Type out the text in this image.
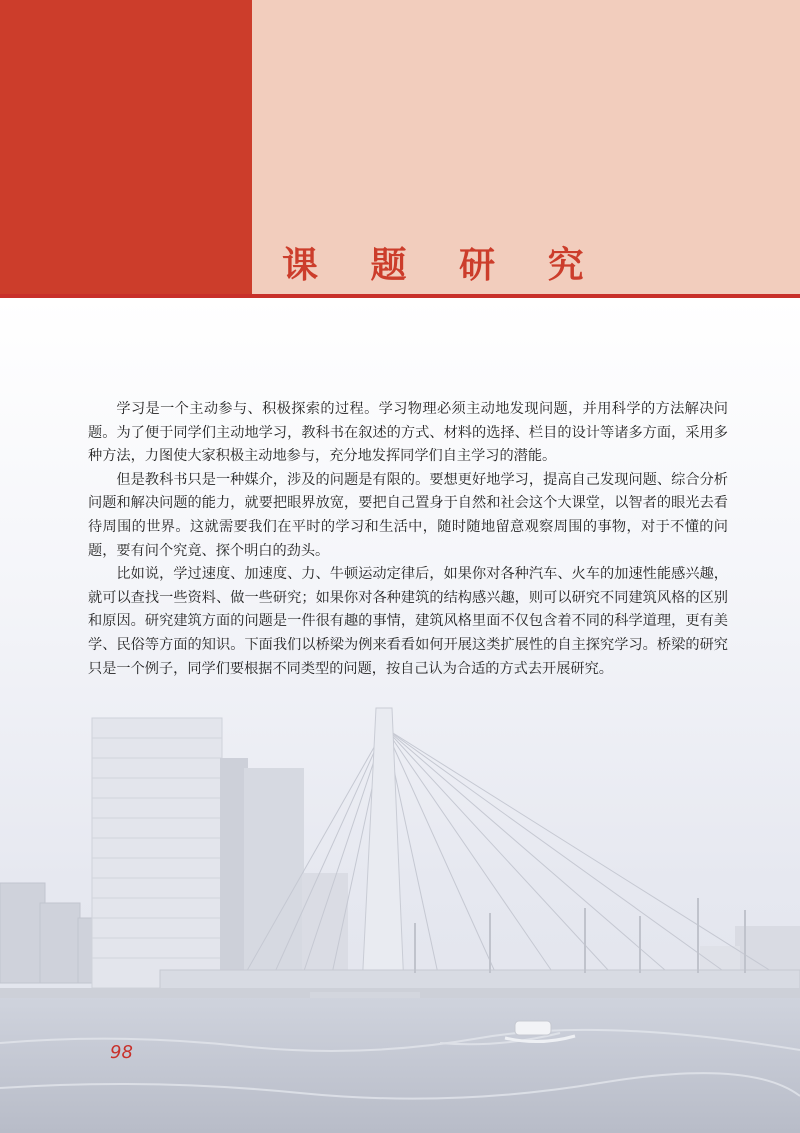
课 题 研 究

学习是一个主动参与、积极探索的过程。学习物理必须主动地发现问题，并用科学的方法解决问题。为了便于同学们主动地学习，教科书在叙述的方式、材料的选择、栏目的设计等诸多方面，采用多种方法，力图使大家积极主动地参与，充分地发挥同学们自主学习的潜能。

但是教科书只是一种媒介，涉及的问题是有限的。要想更好地学习，提高自己发现问题、综合分析问题和解决问题的能力，就要把眼界放宽，要把自己置身于自然和社会这个大课堂，以智者的眼光去看待周围的世界。这就需要我们在平时的学习和生活中，随时随地留意观察周围的事物，对于不懂的问题，要有问个究竟、探个明白的劲头。

比如说，学过速度、加速度、力、牛顿运动定律后，如果你对各种汽车、火车的加速性能感兴趣，就可以查找一些资料、做一些研究；如果你对各种建筑的结构感兴趣，则可以研究不同建筑风格的区别和原因。研究建筑方面的问题是一件很有趣的事情，建筑风格里面不仅包含着不同的科学道理，更有美学、民俗等方面的知识。下面我们以桥梁为例来看看如何开展这类扩展性的自主探究学习。桥梁的研究只是一个例子，同学们要根据不同类型的问题，按自己认为合适的方式去开展研究。

98
